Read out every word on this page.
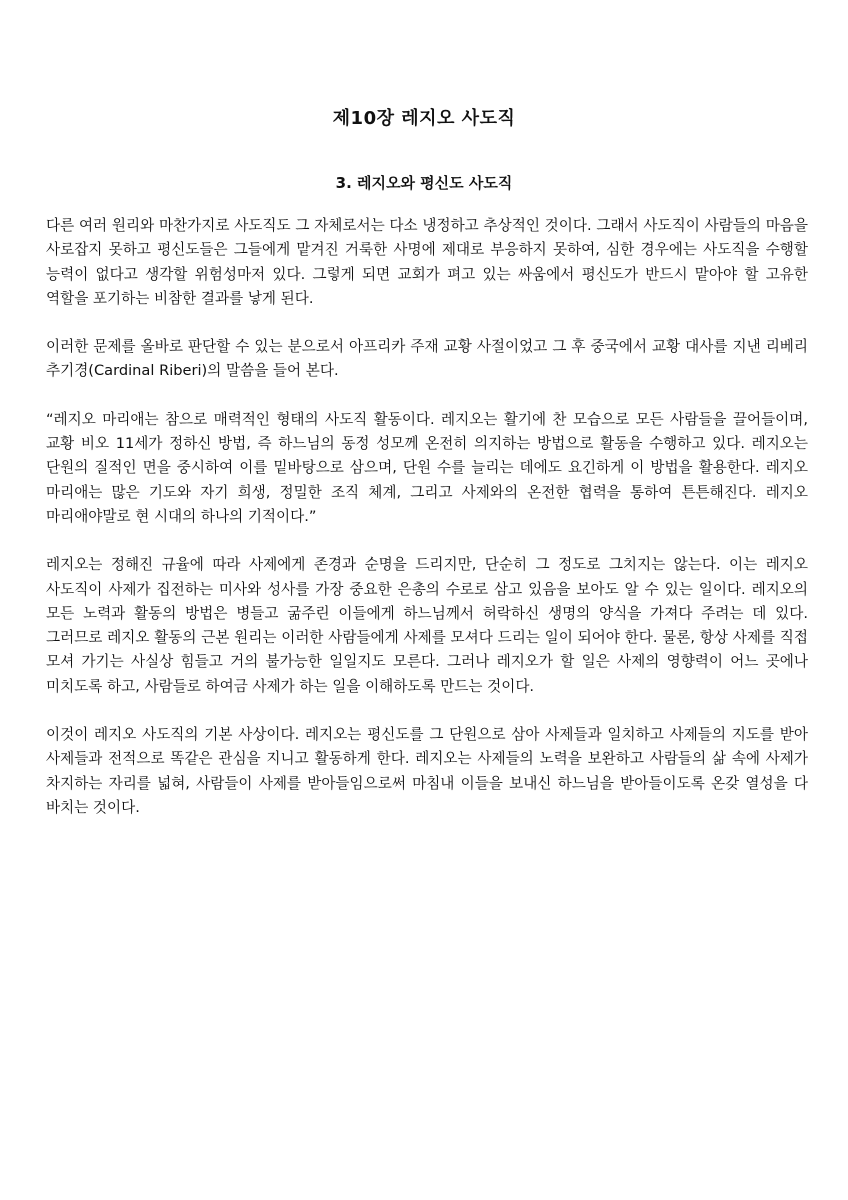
제10장 레지오 사도직
3. 레지오와 평신도 사도직

다른 여러 원리와 마찬가지로 사도직도 그 자체로서는 다소 냉정하고 추상적인 것이다. 그래서 사도직이 사람들의 마음을 사로잡지 못하고 평신도들은 그들에게 맡겨진 거룩한 사명에 제대로 부응하지 못하여, 심한 경우에는 사도직을 수행할 능력이 없다고 생각할 위험성마저 있다. 그렇게 되면 교회가 펴고 있는 싸움에서 평신도가 반드시 맡아야 할 고유한 역할을 포기하는 비참한 결과를 낳게 된다.

이러한 문제를 올바로 판단할 수 있는 분으로서 아프리카 주재 교황 사절이었고 그 후 중국에서 교황 대사를 지낸 리베리 추기경(Cardinal Riberi)의 말씀을 들어 본다.

“레지오 마리애는 참으로 매력적인 형태의 사도직 활동이다. 레지오는 활기에 찬 모습으로 모든 사람들을 끌어들이며, 교황 비오 11세가 정하신 방법, 즉 하느님의 동정 성모께 온전히 의지하는 방법으로 활동을 수행하고 있다. 레지오는 단원의 질적인 면을 중시하여 이를 밑바탕으로 삼으며, 단원 수를 늘리는 데에도 요긴하게 이 방법을 활용한다. 레지오 마리애는 많은 기도와 자기 희생, 정밀한 조직 체계, 그리고 사제와의 온전한 협력을 통하여 튼튼해진다. 레지오 마리애야말로 현 시대의 하나의 기적이다.”

레지오는 정해진 규율에 따라 사제에게 존경과 순명을 드리지만, 단순히 그 정도로 그치지는 않는다. 이는 레지오 사도직이 사제가 집전하는 미사와 성사를 가장 중요한 은총의 수로로 삼고 있음을 보아도 알 수 있는 일이다. 레지오의 모든 노력과 활동의 방법은 병들고 굶주린 이들에게 하느님께서 허락하신 생명의 양식을 가져다 주려는 데 있다. 그러므로 레지오 활동의 근본 원리는 이러한 사람들에게 사제를 모셔다 드리는 일이 되어야 한다. 물론, 항상 사제를 직접 모셔 가기는 사실상 힘들고 거의 불가능한 일일지도 모른다. 그러나 레지오가 할 일은 사제의 영향력이 어느 곳에나 미치도록 하고, 사람들로 하여금 사제가 하는 일을 이해하도록 만드는 것이다.

이것이 레지오 사도직의 기본 사상이다. 레지오는 평신도를 그 단원으로 삼아 사제들과 일치하고 사제들의 지도를 받아 사제들과 전적으로 똑같은 관심을 지니고 활동하게 한다. 레지오는 사제들의 노력을 보완하고 사람들의 삶 속에 사제가 차지하는 자리를 넓혀, 사람들이 사제를 받아들임으로써 마침내 이들을 보내신 하느님을 받아들이도록 온갖 열성을 다 바치는 것이다.
